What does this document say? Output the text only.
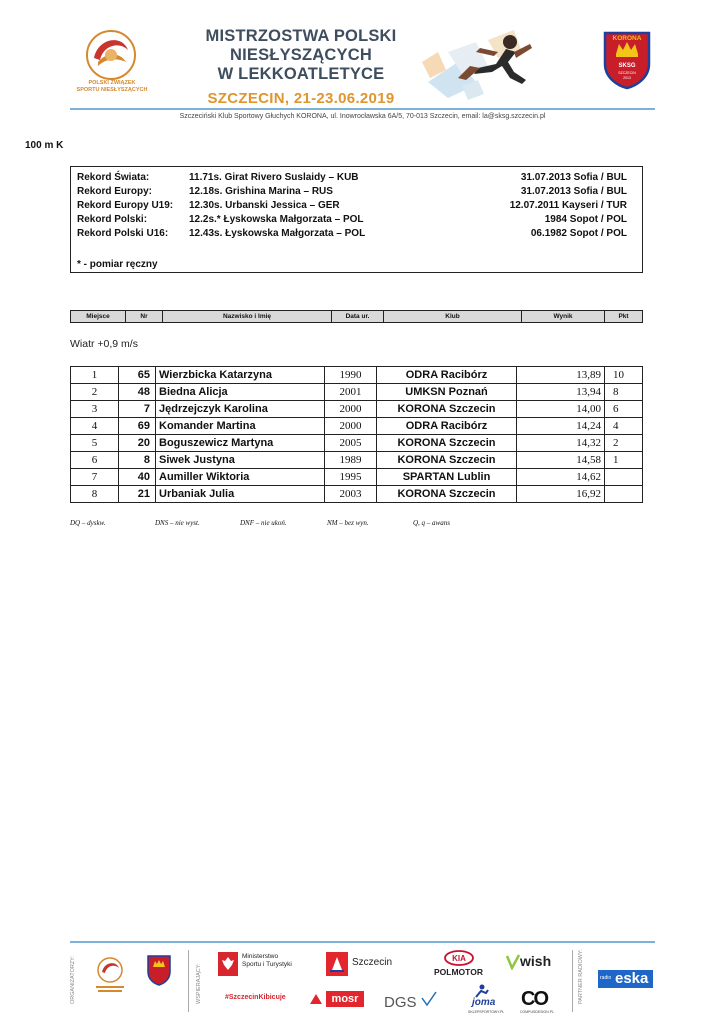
POLSKI ZWIĄZEK
SPORTU NIESŁYSZĄCYCH
MISTRZOSTWA POLSKI
NIESŁYSZĄCYCH
W LEKKOATLETYCE
SZCZECIN, 21-23.06.2019
KORONA
SKSG
SZCZECIN
2013
Szczeciński Klub Sportowy Głuchych KORONA, ul. Inowrocławska 6A/5, 70-013 Szczecin, email: la@sksg.szczecin.pl
100 m K
Rekord Świata:	11.71s. Girat Rivero Suslaidy – KUB	31.07.2013 Sofia / BUL
Rekord Europy:	12.18s. Grishina Marina – RUS	31.07.2013 Sofia / BUL
Rekord Europy U19: 12.30s. Urbanski Jessica – GER	12.07.2011 Kayseri / TUR
Rekord Polski:	12.2s.* Łyskowska Małgorzata – POL	1984 Sopot / POL
Rekord Polski U16: 12.43s. Łyskowska Małgorzata – POL	06.1982 Sopot / POL
* - pomiar ręczny
Miejsce	Nr	Nazwisko i Imię	Data ur.	Klub	Wynik	Pkt
Wiatr +0,9 m/s
1	65	Wierzbicka Katarzyna	1990	ODRA Racibórz	13,89	10
2	48	Biedna Alicja	2001	UMKSN Poznań	13,94	8
3	7	Jędrzejczyk Karolina	2000	KORONA Szczecin	14,00	6
4	69	Komander Martina	2000	ODRA Racibórz	14,24	4
5	20	Boguszewicz Martyna	2005	KORONA Szczecin	14,32	2
6	8	Siwek Justyna	1989	KORONA Szczecin	14,58	1
7	40	Aumiller Wiktoria	1995	SPARTAN Lublin	14,62	
8	21	Urbaniak Julia	2003	KORONA Szczecin	16,92	
DQ – dyskw.	DNS – nie wyst.	DNF – nie ukoń.	NM – bez wyn.	Q, q – awans
ORGANIZATORZY:	WSPIERAJĄCY:
Ministerstwo
Sportu i Turystyki
#SzczecinKibicuje
Szczecin
mosr
KIA
POLMOTOR
wish
DGS	joma
SKLEPSPORTOWY.PL
CO
COMPUSDESIGN.PL
PARTNER RADIOWY:	radio eska
